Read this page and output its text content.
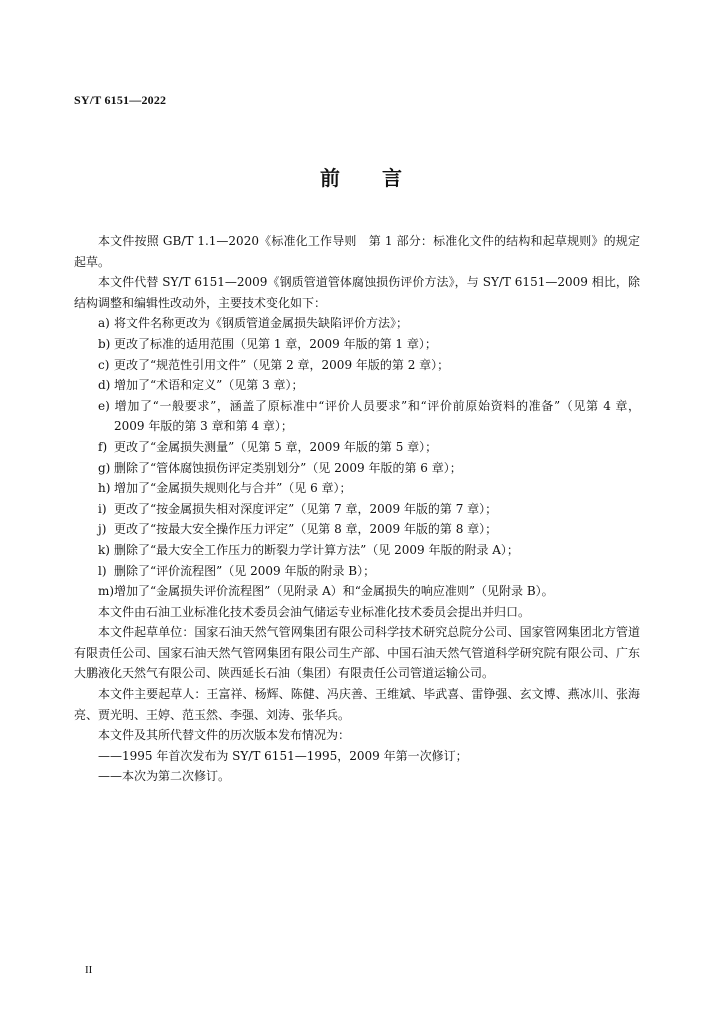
SY/T 6151—2022
前 言

本文件按照 GB/T 1.1—2020《标准化工作导则　第 1 部分：标准化文件的结构和起草规则》的规定起草。

本文件代替 SY/T 6151—2009《钢质管道管体腐蚀损伤评价方法》，与 SY/T 6151—2009 相比，除结构调整和编辑性改动外，主要技术变化如下：

a) 将文件名称更改为《钢质管道金属损失缺陷评价方法》；
b) 更改了标准的适用范围（见第 1 章，2009 年版的第 1 章）；
c) 更改了“规范性引用文件”（见第 2 章，2009 年版的第 2 章）；
d) 增加了“术语和定义”（见第 3 章）；
e) 增加了“一般要求”，涵盖了原标准中“评价人员要求”和“评价前原始资料的准备”（见第 4 章，2009 年版的第 3 章和第 4 章）；
f) 更改了“金属损失测量”（见第 5 章，2009 年版的第 5 章）；
g) 删除了“管体腐蚀损伤评定类别划分”（见 2009 年版的第 6 章）；
h) 增加了“金属损失规则化与合并”（见 6 章）；
i) 更改了“按金属损失相对深度评定”（见第 7 章，2009 年版的第 7 章）；
j) 更改了“按最大安全操作压力评定”（见第 8 章，2009 年版的第 8 章）；
k) 删除了“最大安全工作压力的断裂力学计算方法”（见 2009 年版的附录 A）；
l) 删除了“评价流程图”（见 2009 年版的附录 B）；
m)增加了“金属损失评价流程图”（见附录 A）和“金属损失的响应准则”（见附录 B）。

本文件由石油工业标准化技术委员会油气储运专业标准化技术委员会提出并归口。

本文件起草单位：国家石油天然气管网集团有限公司科学技术研究总院分公司、国家管网集团北方管道有限责任公司、国家石油天然气管网集团有限公司生产部、中国石油天然气管道科学研究院有限公司、广东大鹏液化天然气有限公司、陕西延长石油（集团）有限责任公司管道运输公司。

本文件主要起草人：王富祥、杨辉、陈健、冯庆善、王维斌、毕武喜、雷铮强、玄文博、燕冰川、张海亮、贾光明、王婷、范玉然、李强、刘涛、张华兵。

本文件及其所代替文件的历次版本发布情况为：

——1995 年首次发布为 SY/T 6151—1995，2009 年第一次修订；
——本次为第二次修订。
II
